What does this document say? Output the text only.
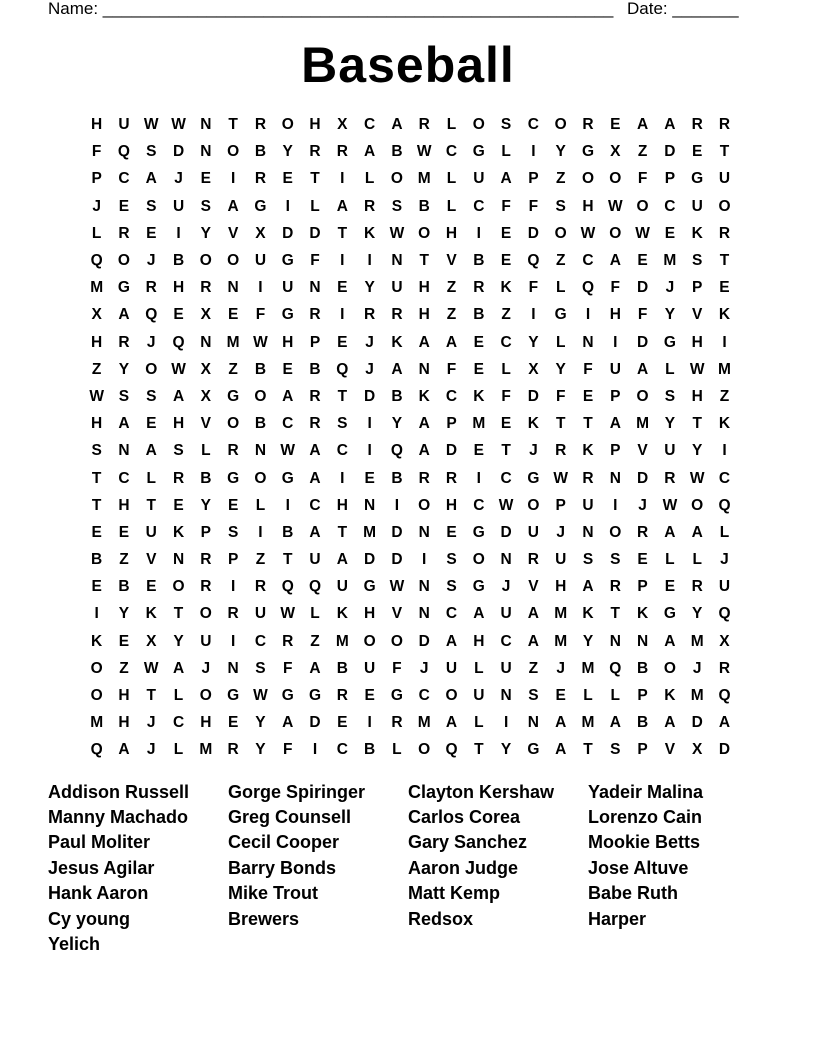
Name: ______________________________________________________ Date: _______
Baseball
H	U W W N	T	R	O	H	X	C	A	R	L	O	S	C	O	R	E	A	A	R	R
F	Q	S	D	N	O	B	Y	R	R	A	B W C	G	L	I	Y	G	X	Z	D	E	T
P	C	A	J	E	I	R	E	T	I	L	O M	L	U	A	P	Z	O O	F	P	G	U
J	E	S	U	S	A	G	I	L	A	R	S	B	L	C	F	F	S	H W O	C	U	O
L	R	E	I	Y	V	X	D	D	T	K W O	H	I	E	D	O W O W E	K	R
Q O	J	B	O O	U	G	F	I	I	N	T	V	B	E	Q	Z	C	A	E	M	S	T
M G	R	H	R	N	I	U	N	E	Y	U	H	Z	R	K	F	L	Q	F	D	J	P	E
X	A	Q	E	X	E	F	G	R	I	R	R	H	Z	B	Z	I	G	I	H	F	Y	V	K
H	R	J	Q	N M W H	P	E	J	K	A	A	E	C	Y	L	N	I	D	G	H	I
Z	Y	O W X	Z	B	E	B	Q	J	A	N	F	E	L	X	Y	F	U	A	L W M
W S	S	A	X	G O	A	R	T	D	B	K	C	K	F	D	F	E	P	O	S	H	Z
H	A	E	H	V	O	B	C	R	S	I	Y	A	P	M	E	K	T	T	A M	Y	T	K
S	N	A	S	L	R	N W A	C	I	Q	A	D	E	T	J	R	K	P	V	U	Y	I
T	C	L	R	B	G O G	A	I	E	B	R	R	I	C	G W R	N	D	R W C
T	H	T	E	Y	E	L	I	C	H	N	I	O	H	C W O	P	U	I	J	W O Q
E	E	U	K	P	S	I	B	A	T	M D	N	E	G	D	U	J	N	O	R	A	A	L
B	Z	V	N	R	P	Z	T	U	A	D	D	I	S	O	N	R	U	S	S	E	L	L	J
E	B	E	O	R	I	R	Q Q	U	G W N	S	G	J	V	H	A	R	P	E	R	U
I	Y	K	T	O	R	U W L	K	H	V	N	C	A	U	A M K	T	K	G	Y	Q
K	E	X	Y	U	I	C	R	Z	M O O	D	A	H	C	A M	Y	N	N	A M	X
O	Z W A	J	N	S	F	A	B	U	F	J	U	L	U	Z	J	M Q	B	O	J	R
O	H	T	L	O G W G G	R	E	G	C	O	U	N	S	E	L	L	P	K M Q
M H	J	C	H	E	Y	A	D	E	I	R M A	L	I	N	A M A	B	A	D	A
Q	A	J	L	M R	Y	F	I	C	B	L	O Q	T	Y	G	A	T	S	P	V	X	D
Addison Russell	Gorge Spiringer	Clayton Kershaw	Yadeir Malina
Manny Machado	Greg Counsell	Carlos Corea	Lorenzo Cain
Paul Moliter	Cecil Cooper	Gary Sanchez	Mookie Betts
Jesus Agilar	Barry Bonds	Aaron Judge	Jose Altuve
Hank Aaron	Mike Trout	Matt Kemp	Babe Ruth
Cy young	Brewers	Redsox	Harper
Yelich
